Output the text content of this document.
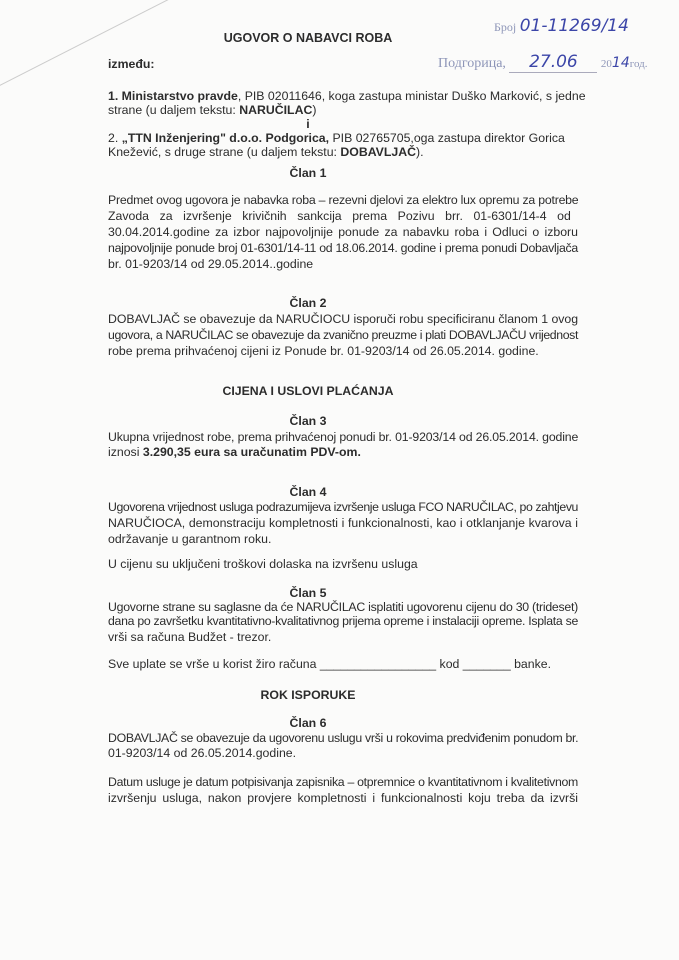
UGOVOR O NABAVCI ROBA
Број 01-11269/14
Подгорица, 27.06 2014год.
između:
1. Ministarstvo pravde, PIB 02011646, koga zastupa ministar Duško Marković, s jedne
strane (u daljem tekstu: NARUČILAC)
i
2. „TTN Inženjering" d.o.o. Podgorica, PIB 02765705,oga zastupa direktor Gorica
Knežević, s druge strane (u daljem tekstu: DOBAVLJAČ).
Član 1
Predmet ovog ugovora je nabavka roba – rezevni djelovi za elektro lux opremu za potrebe
Zavoda za izvršenje krivičnih sankcija prema Pozivu brr. 01-6301/14-4 od
30.04.2014.godine za izbor najpovoljnije ponude za nabavku roba i Odluci o izboru
najpovoljnije ponude broj 01-6301/14-11 od 18.06.2014. godine i prema ponudi Dobavljača
br. 01-9203/14 od 29.05.2014..godine
Član 2
DOBAVLJAČ se obavezuje da NARUČIOCU isporuči robu specificiranu članom 1 ovog
ugovora, a NARUČILAC se obavezuje da zvanično preuzme i plati DOBAVLJAČU vrijednost
robe prema prihvaćenoj cijeni iz Ponude br. 01-9203/14 od 26.05.2014. godine.
CIJENA I USLOVI PLAĆANJA
Član 3
Ukupna vrijednost robe, prema prihvaćenoj ponudi br. 01-9203/14 od 26.05.2014. godine
Član 4
Ugovorena vrijednost usluga podrazumijeva izvršenje usluga FCO NARUČILAC, po zahtjevu
NARUČIOCA, demonstraciju kompletnosti i funkcionalnosti, kao i otklanjanje kvarova i
održavanje u garantnom roku.
U cijenu su uključeni troškovi dolaska na izvršenu usluga
Član 5
Ugovorne strane su saglasne da će NARUČILAC isplatiti ugovorenu cijenu do 30 (trideset)
dana po završetku kvantitativno-kvalitativnog prijema opreme i instalaciji opreme. Isplata se
vrši sa računa Budžet - trezor.
Sve uplate se vrše u korist žiro računa _________________ kod _______ banke.
ROK ISPORUKE
Član 6
DOBAVLJAČ se obavezuje da ugovorenu uslugu vrši u rokovima predviđenim ponudom br.
01-9203/14 od 26.05.2014.godine.
Datum usluge je datum potpisivanja zapisnika – otpremnice o kvantitativnom i kvalitetivnom
izvršenju usluga, nakon provjere kompletnosti i funkcionalnosti koju treba da izvrši
iznosi 3.290,35 eura sa uračunatim PDV-om.
